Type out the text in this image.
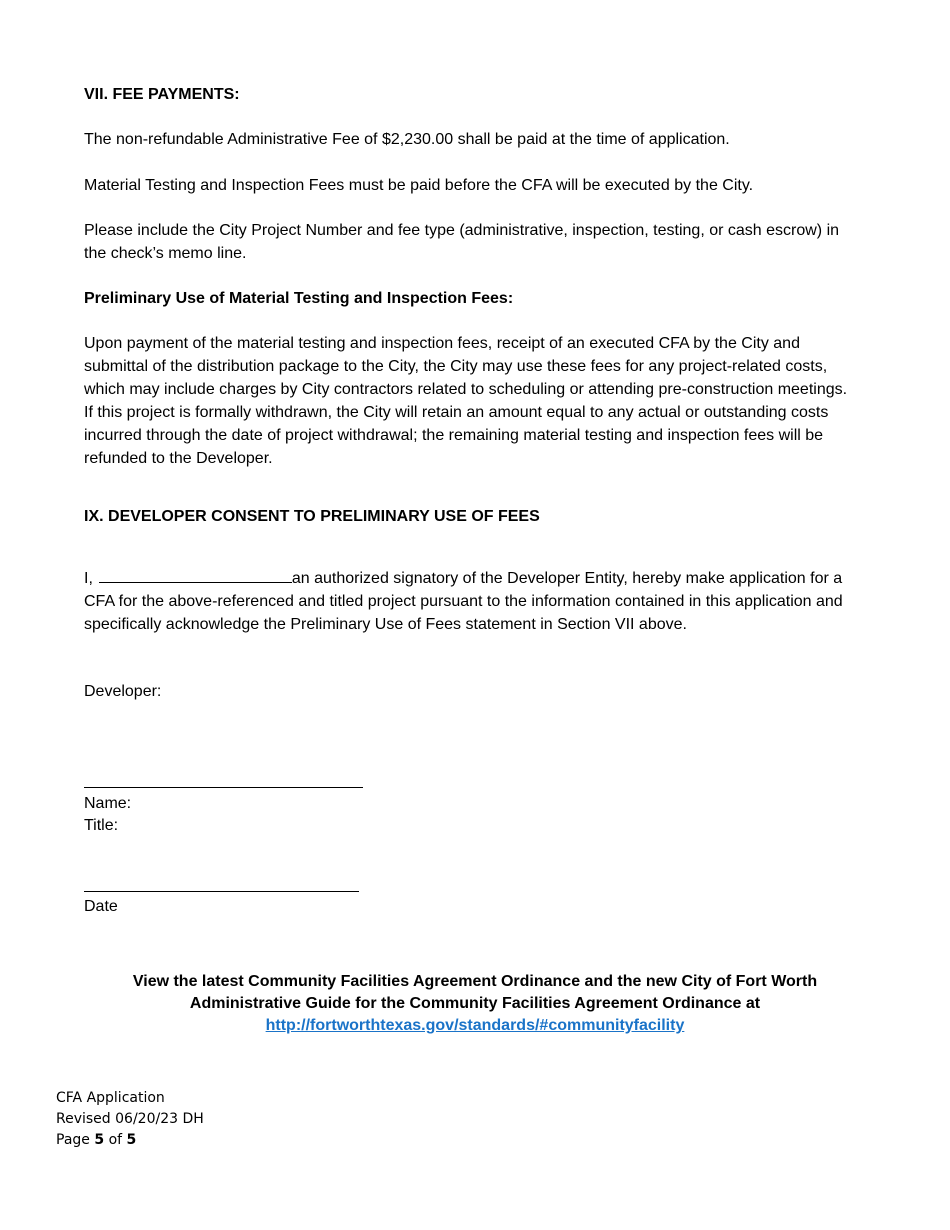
VII. FEE PAYMENTS:

The non-refundable Administrative Fee of $2,230.00 shall be paid at the time of application.

Material Testing and Inspection Fees must be paid before the CFA will be executed by the City.

Please include the City Project Number and fee type (administrative, inspection, testing, or cash escrow) in the check’s memo line.

Preliminary Use of Material Testing and Inspection Fees:

Upon payment of the material testing and inspection fees, receipt of an executed CFA by the City and submittal of the distribution package to the City, the City may use these fees for any project-related costs, which may include charges by City contractors related to scheduling or attending pre-construction meetings. If this project is formally withdrawn, the City will retain an amount equal to any actual or outstanding costs incurred through the date of project withdrawal; the remaining material testing and inspection fees will be refunded to the Developer.

IX. DEVELOPER CONSENT TO PRELIMINARY USE OF FEES

I,	an authorized signatory of the Developer Entity, hereby make application for a CFA for the above-referenced and titled project pursuant to the information contained in this application and specifically acknowledge the Preliminary Use of Fees statement in Section VII above.

Developer:

Name:

Title:

Date

View the latest Community Facilities Agreement Ordinance and the new City of Fort Worth
Administrative Guide for the Community Facilities Agreement Ordinance at
http://fortworthtexas.gov/standards/#communityfacility
CFA Application
Revised 06/20/23 DH
Page 5 of 5
